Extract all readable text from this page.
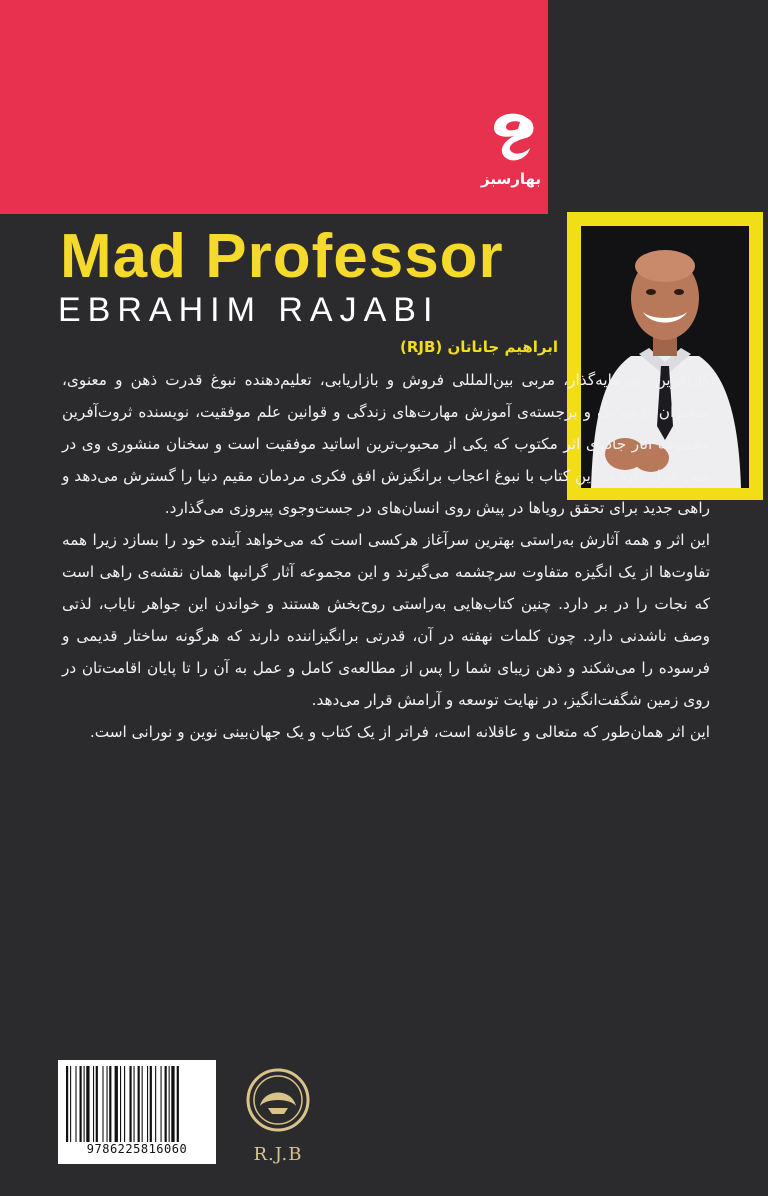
بهارسبز
Mad Professor
EBRAHIM RAJABI
ابراهیم جاناتان (RJB)

کارآفرین، سرمایه‌گذار، مربی بین‌المللی فروش و بازاریابی، تعلیم‌دهنده نبوغ قدرت ذهن و معنوی، سخنران درجه یک و برجسته‌ی آموزش مهارت‌های زندگی و قوانین علم موفقیت، نویسنده ثروت‌آفرین مجموعه آثار جادوی اثر مکتوب که یکی از محبوب‌ترین اساتید موفقیت است و سخنان منشوری وی در صدر قرار دارد در این کتاب با نبوغ اعجاب برانگیزش افق فکری مردمان مقیم دنیا را گسترش می‌دهد و راهی جدید برای تحقق رویاها در پیش روی انسان‌های در جست‌وجوی پیروزی می‌گذارد.

این اثر و همه آثارش به‌راستی بهترین سرآغاز هرکسی است که می‌خواهد آینده خود را بسازد زیرا همه تفاوت‌ها از یک انگیزه متفاوت سرچشمه می‌گیرند و این مجموعه آثار گرانبها همان نقشه‌ی راهی است که نجات را در بر دارد. چنین کتاب‌هایی به‌راستی روح‌بخش هستند و خواندن این جواهر نایاب، لذتی وصف ناشدنی دارد. چون کلمات نهفته در آن، قدرتی برانگیزاننده دارند که هرگونه ساختار قدیمی و فرسوده را می‌شکند و ذهن زیبای شما را پس از مطالعه‌ی کامل و عمل به آن را تا پایان اقامت‌تان در روی زمین شگفت‌انگیز، در نهایت توسعه و آرامش قرار می‌دهد.

این اثر همان‌طور که متعالی و عاقلانه است، فراتر از یک کتاب و یک جهان‌بینی نوین و نورانی است.

9786225816060	R.J.B
